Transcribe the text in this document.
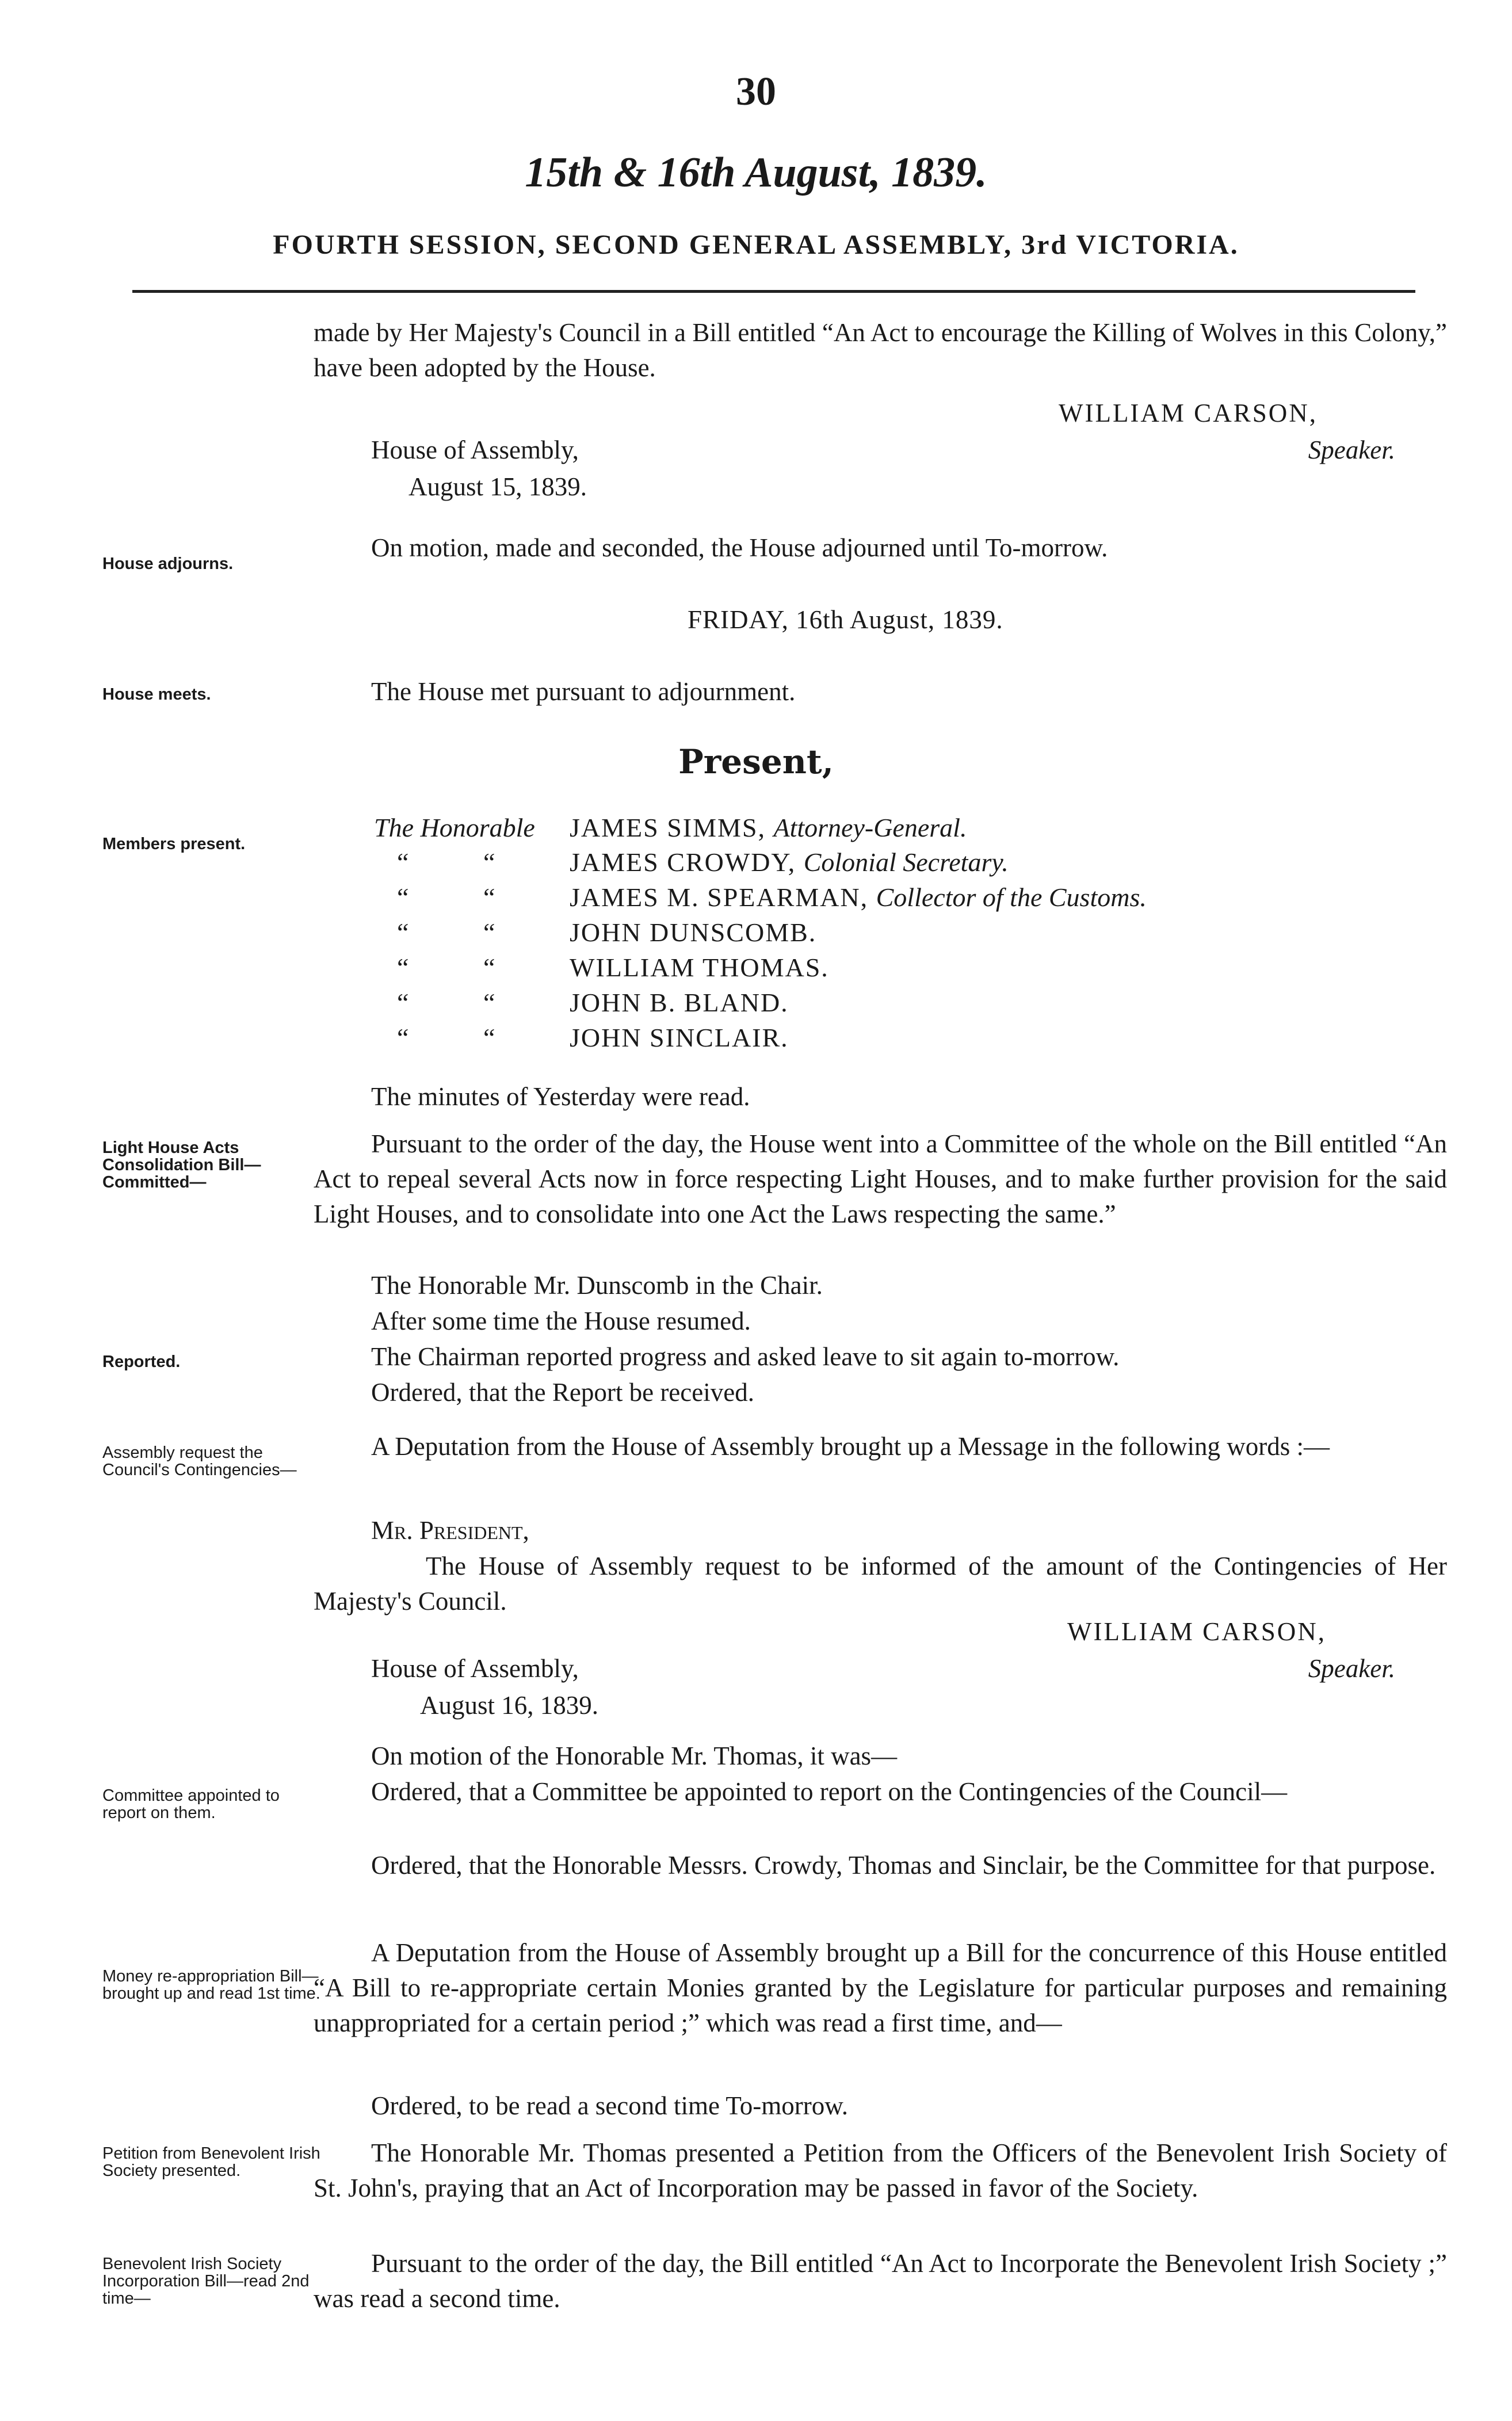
30
15th & 16th August, 1839.
FOURTH SESSION, SECOND GENERAL ASSEMBLY, 3rd VICTORIA.
made by Her Majesty's Council in a Bill entitled “An Act to encourage the Killing of Wolves in this Colony,” have been adopted by the House.
WILLIAM CARSON,
House of Assembly,	Speaker.
August 15, 1839.
House adjourns.
On motion, made and seconded, the House adjourned until To-morrow.
FRIDAY, 16th August, 1839.
House meets.	The House met pursuant to adjournment.
Present,
Members present.
The Honorable	JAMES SIMMS, Attorney-General.
“	“	JAMES CROWDY, Colonial Secretary.
“	“	JAMES M. SPEARMAN, Collector of the Customs.
“	“	JOHN DUNSCOMB.
“	“	WILLIAM THOMAS.
“	“	JOHN B. BLAND.
“	“	JOHN SINCLAIR.
The minutes of Yesterday were read.
Light House Acts Consolidation Bill—Committed—
Pursuant to the order of the day, the House went into a Committee of the whole on the Bill entitled “An Act to repeal several Acts now in force respecting Light Houses, and to make further provision for the said Light Houses, and to consolidate into one Act the Laws respecting the same.”
The Honorable Mr. Dunscomb in the Chair.
After some time the House resumed.
Reported.	The Chairman reported progress and asked leave to sit again to-morrow.
Ordered, that the Report be received.
Assembly request the Council's Contingencies—
A Deputation from the House of Assembly brought up a Message in the following words :—
Mr. President,
The House of Assembly request to be informed of the amount of the Contingencies of Her Majesty's Council.
WILLIAM CARSON,
House of Assembly,	Speaker.
August 16, 1839.
On motion of the Honorable Mr. Thomas, it was—
Committee appointed to report on them.
Ordered, that a Committee be appointed to report on the Contingencies of the Council—
Ordered, that the Honorable Messrs. Crowdy, Thomas and Sinclair, be the Committee for that purpose.
Money re-appropriation Bill—brought up and read 1st time.
A Deputation from the House of Assembly brought up a Bill for the concurrence of this House entitled “A Bill to re-appropriate certain Monies granted by the Legislature for particular purposes and remaining unappropriated for a certain period ;” which was read a first time, and—
Ordered, to be read a second time To-morrow.
Petition from Benevolent Irish Society presented.
The Honorable Mr. Thomas presented a Petition from the Officers of the Benevolent Irish Society of St. John's, praying that an Act of Incorporation may be passed in favor of the Society.
Benevolent Irish Society Incorporation Bill—read 2nd time—
Pursuant to the order of the day, the Bill entitled “An Act to Incorporate the Benevolent Irish Society ;” was read a second time.
